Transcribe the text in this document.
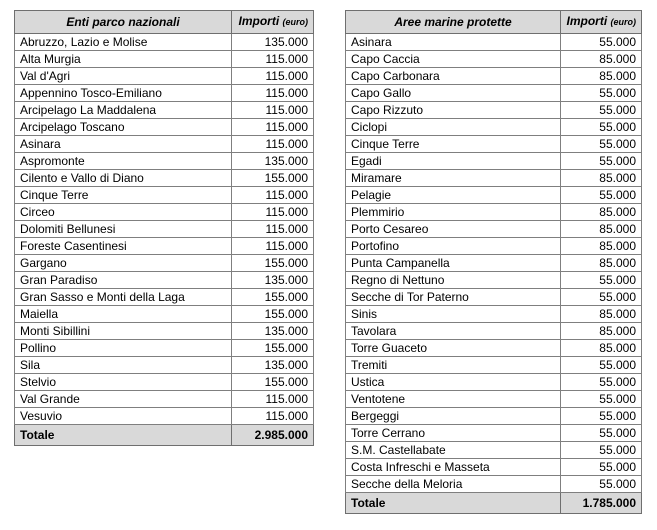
Enti parco nazionali	Importi (euro)
Abruzzo, Lazio e Molise	135.000
Alta Murgia	115.000
Val d'Agri	115.000
Appennino Tosco-Emiliano	115.000
Arcipelago La Maddalena	115.000
Arcipelago Toscano	115.000
Asinara	115.000
Aspromonte	135.000
Cilento e Vallo di Diano	155.000
Cinque Terre	115.000
Circeo	115.000
Dolomiti Bellunesi	115.000
Foreste Casentinesi	115.000
Gargano	155.000
Gran Paradiso	135.000
Gran Sasso e Monti della Laga	155.000
Maiella	155.000
Monti Sibillini	135.000
Pollino	155.000
Sila	135.000
Stelvio	155.000
Val Grande	115.000
Vesuvio	115.000
Totale	2.985.000
Aree marine protette	Importi (euro)
Asinara	55.000
Capo Caccia	85.000
Capo Carbonara	85.000
Capo Gallo	55.000
Capo Rizzuto	55.000
Ciclopi	55.000
Cinque Terre	55.000
Egadi	55.000
Miramare	85.000
Pelagie	55.000
Plemmirio	85.000
Porto Cesareo	85.000
Portofino	85.000
Punta Campanella	85.000
Regno di Nettuno	55.000
Secche di Tor Paterno	55.000
Sinis	85.000
Tavolara	85.000
Torre Guaceto	85.000
Tremiti	55.000
Ustica	55.000
Ventotene	55.000
Bergeggi	55.000
Torre Cerrano	55.000
S.M. Castellabate	55.000
Costa Infreschi e Masseta	55.000
Secche della Meloria	55.000
Totale	1.785.000
